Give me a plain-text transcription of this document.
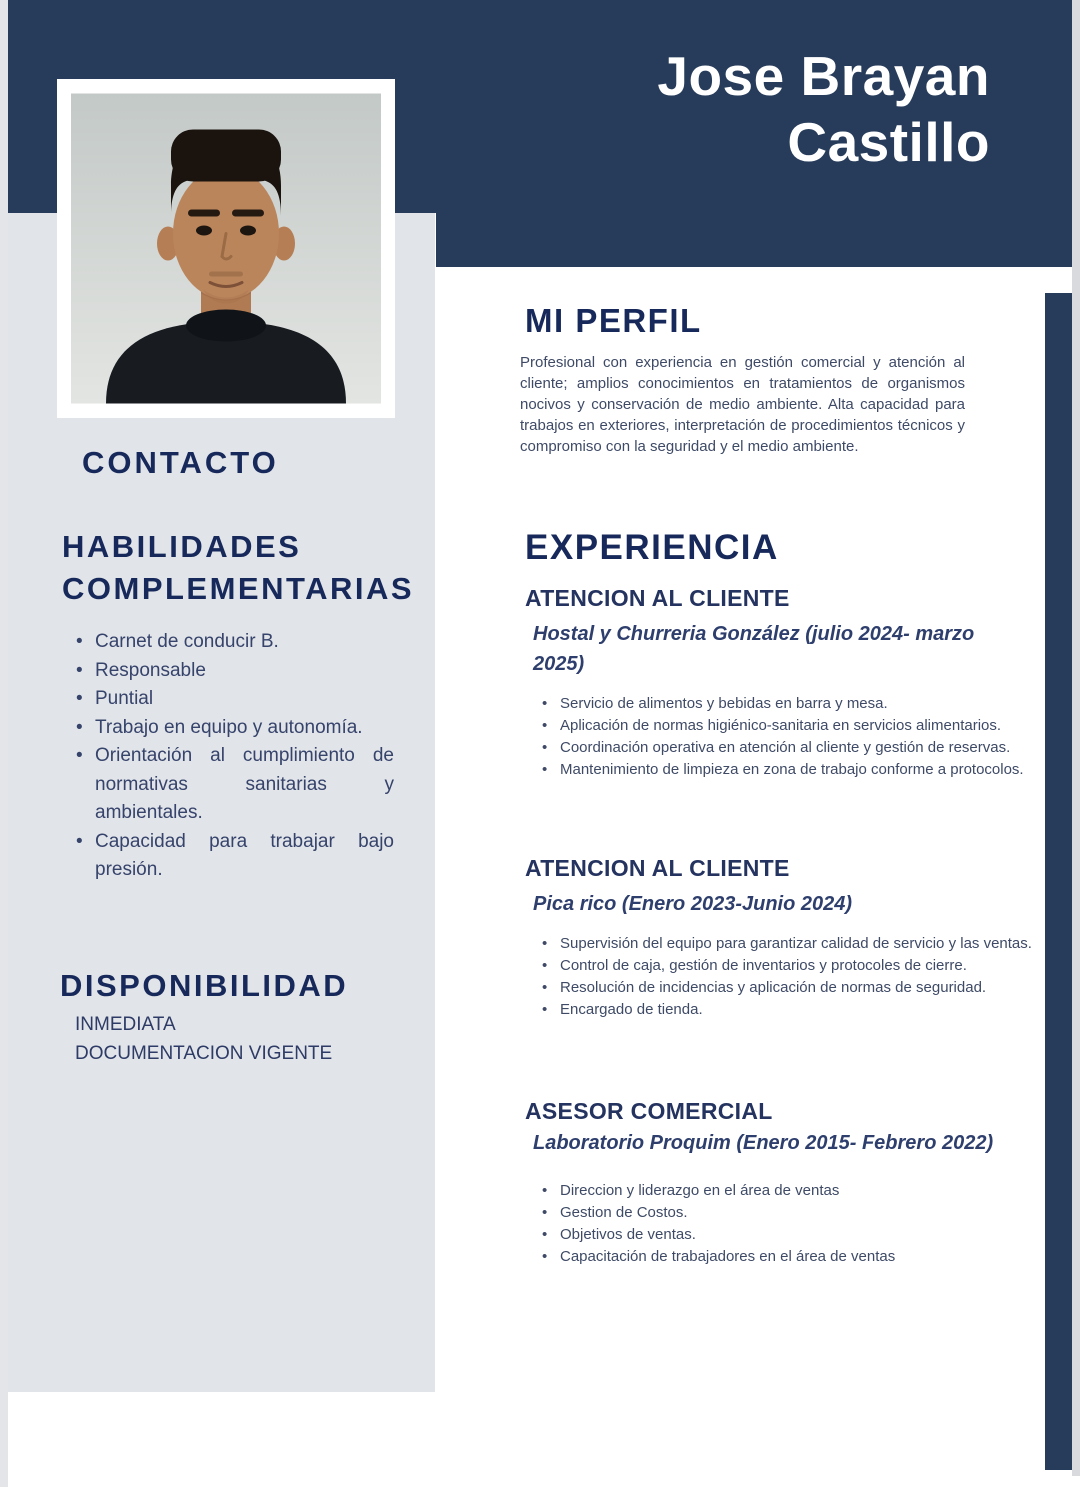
Jose Brayan
Castillo
CONTACTO
HABILIDADES COMPLEMENTARIAS
• Carnet de conducir B.
• Responsable
• Puntial
• Trabajo en equipo y autonomía.
• Orientación al cumplimiento de normativas sanitarias y ambientales.
• Capacidad para trabajar bajo presión.
DISPONIBILIDAD
INMEDIATA
DOCUMENTACION VIGENTE
MI PERFIL

Profesional con experiencia en gestión comercial y atención al cliente; amplios conocimientos en tratamientos de organismos nocivos y conservación de medio ambiente. Alta capacidad para trabajos en exteriores, interpretación de procedimientos técnicos y compromiso con la seguridad y el medio ambiente.

EXPERIENCIA
ATENCION AL CLIENTE
Hostal y Churreria González (julio 2024- marzo 2025)
• Servicio de alimentos y bebidas en barra y mesa.
• Aplicación de normas higiénico-sanitaria en servicios alimentarios.
• Coordinación operativa en atención al cliente y gestión de reservas.
• Mantenimiento de limpieza en zona de trabajo conforme a protocolos.
ATENCION AL CLIENTE
Pica rico (Enero 2023-Junio 2024)
• Supervisión del equipo para garantizar calidad de servicio y las ventas.
• Control de caja, gestión de inventarios y protocoles de cierre.
• Resolución de incidencias y aplicación de normas de seguridad.
• Encargado de tienda.
ASESOR COMERCIAL
Laboratorio Proquim (Enero 2015- Febrero 2022)
• Direccion y liderazgo en el área de ventas
• Gestion de Costos.
• Objetivos de ventas.
• Capacitación de trabajadores en el área de ventas
